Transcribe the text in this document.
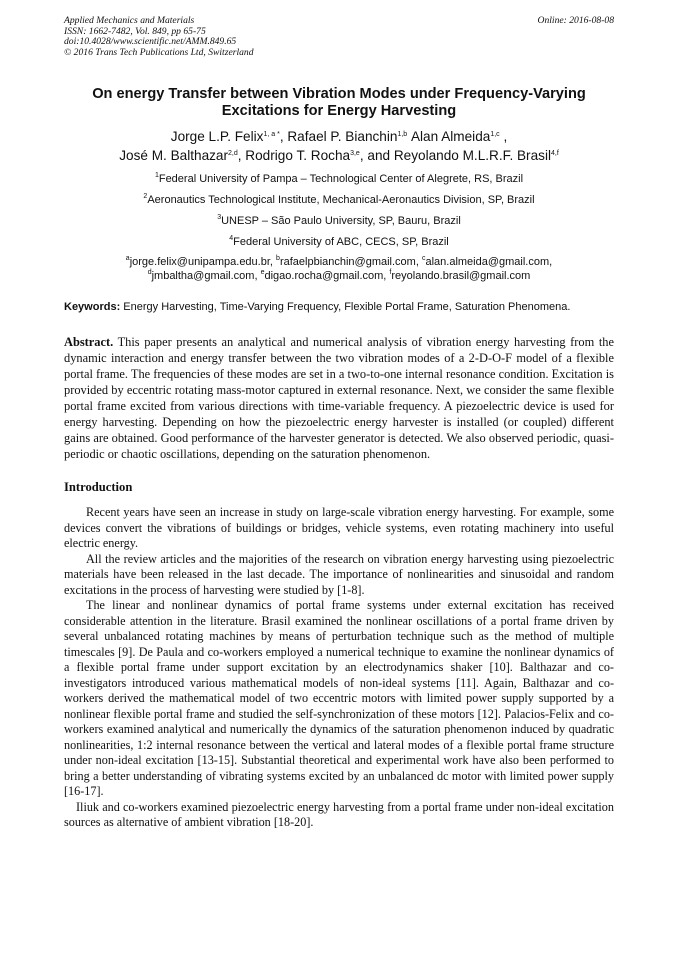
Applied Mechanics and Materials
ISSN: 1662-7482, Vol. 849, pp 65-75
doi:10.4028/www.scientific.net/AMM.849.65
© 2016 Trans Tech Publications Ltd, Switzerland
Online: 2016-08-08
On energy Transfer between Vibration Modes under Frequency-Varying Excitations for Energy Harvesting
Jorge L.P. Felix$^{1, a *}$, Rafael P. Bianchin$^{1,b}$ Alan Almeida$^{1,c}$ ,
José M. Balthazar$^{2,d}$, Rodrigo T. Rocha$^{3,e}$, and Reyolando M.L.R.F. Brasil$^{4,f}$
$^1$Federal University of Pampa – Technological Center of Alegrete, RS, Brazil
$^2$Aeronautics Technological Institute, Mechanical-Aeronautics Division, SP, Brazil
$^3$UNESP – São Paulo University, SP, Bauru, Brazil
$^4$Federal University of ABC, CECS, SP, Brazil
$^a$jorge.felix@unipampa.edu.br, $^b$rafaelpbianchin@gmail.com, $^c$alan.almeida@gmail.com,
$^d$jmbaltha@gmail.com, $^e$digao.rocha@gmail.com, $^f$reyolando.brasil@gmail.com
Keywords: Energy Harvesting, Time-Varying Frequency, Flexible Portal Frame, Saturation Phenomena.
Abstract. This paper presents an analytical and numerical analysis of vibration energy harvesting from the dynamic interaction and energy transfer between the two vibration modes of a 2-D-O-F model of a flexible portal frame. The frequencies of these modes are set in a two-to-one internal resonance condition. Excitation is provided by eccentric rotating mass-motor captured in external resonance. Next, we consider the same flexible portal frame excited from various directions with time-variable frequency. A piezoelectric device is used for energy harvesting. Depending on how the piezoelectric energy harvester is installed (or coupled) different gains are obtained. Good performance of the harvester generator is detected. We also observed periodic, quasi-periodic or chaotic oscillations, depending on the saturation phenomenon.
Introduction
Recent years have seen an increase in study on large-scale vibration energy harvesting. For example, some devices convert the vibrations of buildings or bridges, vehicle systems, even rotating machinery into useful electric energy.
All the review articles and the majorities of the research on vibration energy harvesting using piezoelectric materials have been released in the last decade. The importance of nonlinearities and sinusoidal and random excitations in the process of harvesting were studied by [1-8].
The linear and nonlinear dynamics of portal frame systems under external excitation has received considerable attention in the literature. Brasil examined the nonlinear oscillations of a portal frame driven by several unbalanced rotating machines by means of perturbation technique such as the method of multiple timescales [9]. De Paula and co-workers employed a numerical technique to examine the nonlinear dynamics of a flexible portal frame under support excitation by an electrodynamics shaker [10]. Balthazar and co-investigators introduced various mathematical models of non-ideal systems [11]. Again, Balthazar and co-workers derived the mathematical model of two eccentric motors with limited power supply supported by a nonlinear flexible portal frame and studied the self-synchronization of these motors [12]. Palacios-Felix and co-workers examined analytical and numerically the dynamics of the saturation phenomenon induced by quadratic nonlinearities, 1:2 internal resonance between the vertical and lateral modes of a flexible portal frame structure under non-ideal excitation [13-15]. Substantial theoretical and experimental work have also been performed to bring a better understanding of vibrating systems excited by an unbalanced dc motor with limited power supply [16-17].
Iliuk and co-workers examined piezoelectric energy harvesting from a portal frame under non-ideal excitation sources as alternative of ambient vibration [18-20].
